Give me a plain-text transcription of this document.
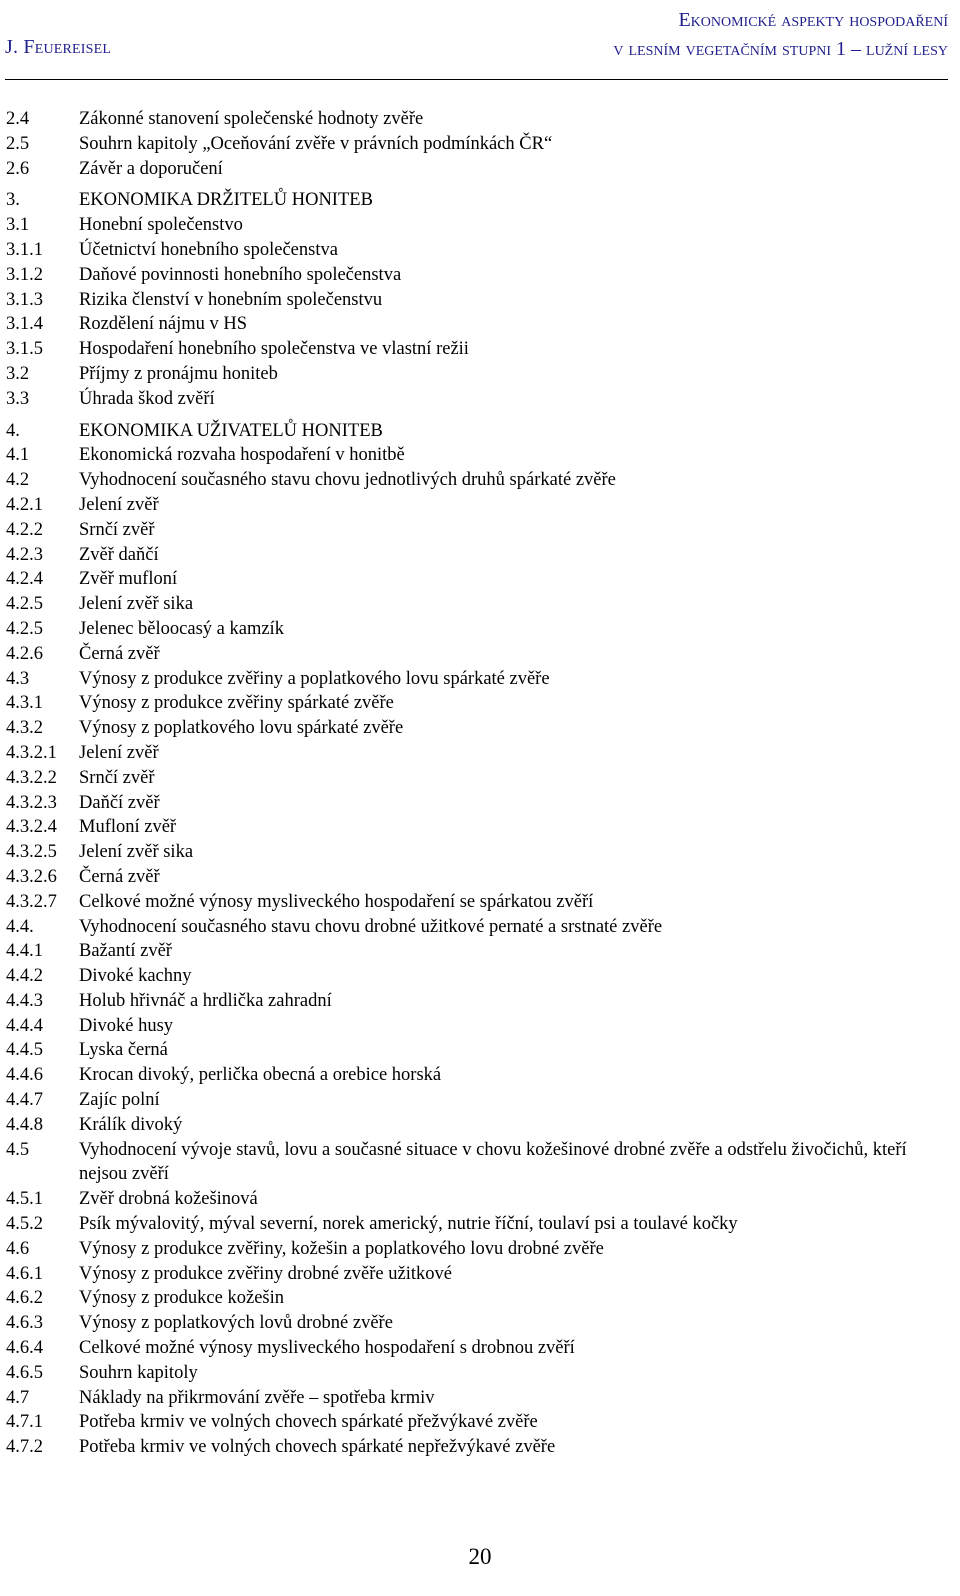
J. Feuereisel
Ekonomické aspekty hospodaření
v lesním vegetačním stupni 1 – lužní lesy
2.4	Zákonné stanovení společenské hodnoty zvěře
2.5	Souhrn kapitoly „Oceňování zvěře v právních podmínkách ČR“
2.6	Závěr a doporučení
3.	EKONOMIKA DRŽITELŮ HONITEB
3.1	Honební společenstvo
3.1.1	Účetnictví honebního společenstva
3.1.2	Daňové povinnosti honebního společenstva
3.1.3	Rizika členství v honebním společenstvu
3.1.4	Rozdělení nájmu v HS
3.1.5	Hospodaření honebního společenstva ve vlastní režii
3.2	Příjmy z pronájmu honiteb
3.3	Úhrada škod zvěří
4.	EKONOMIKA UŽIVATELŮ HONITEB
4.1	Ekonomická rozvaha hospodaření v honitbě
4.2	Vyhodnocení současného stavu chovu jednotlivých druhů spárkaté zvěře
4.2.1	Jelení zvěř
4.2.2	Srnčí zvěř
4.2.3	Zvěř daňčí
4.2.4	Zvěř mufloní
4.2.5	Jelení zvěř sika
4.2.5	Jelenec běloocasý a kamzík
4.2.6	Černá zvěř
4.3	Výnosy z produkce zvěřiny a poplatkového lovu spárkaté zvěře
4.3.1	Výnosy z produkce zvěřiny spárkaté zvěře
4.3.2	Výnosy z poplatkového lovu spárkaté zvěře
4.3.2.1	Jelení zvěř
4.3.2.2	Srnčí zvěř
4.3.2.3	Daňčí zvěř
4.3.2.4	Mufloní zvěř
4.3.2.5	Jelení zvěř sika
4.3.2.6	Černá zvěř
4.3.2.7	Celkové možné výnosy mysliveckého hospodaření se spárkatou zvěří
4.4.	Vyhodnocení současného stavu chovu drobné užitkové pernaté a srstnaté zvěře
4.4.1	Bažantí zvěř
4.4.2	Divoké kachny
4.4.3	Holub hřivnáč a hrdlička zahradní
4.4.4	Divoké husy
4.4.5	Lyska černá
4.4.6	Krocan divoký, perlička obecná a orebice horská
4.4.7	Zajíc polní
4.4.8	Králík divoký
4.5	Vyhodnocení vývoje stavů, lovu a současné situace v chovu kožešinové drobné zvěře a odstřelu živočichů, kteří nejsou zvěří
4.5.1	Zvěř drobná kožešinová
4.5.2	Psík mývalovitý, mýval severní, norek americký, nutrie říční, toulaví psi a toulavé kočky
4.6	Výnosy z produkce zvěřiny, kožešin a poplatkového lovu drobné zvěře
4.6.1	Výnosy z produkce zvěřiny drobné zvěře užitkové
4.6.2	Výnosy z produkce kožešin
4.6.3	Výnosy z poplatkových lovů drobné zvěře
4.6.4	Celkové možné výnosy mysliveckého hospodaření s drobnou zvěří
4.6.5	Souhrn kapitoly
4.7	Náklady na přikrmování zvěře – spotřeba krmiv
4.7.1	Potřeba krmiv ve volných chovech spárkaté přežvýkavé zvěře
4.7.2	Potřeba krmiv ve volných chovech spárkaté nepřežvýkavé zvěře
20
